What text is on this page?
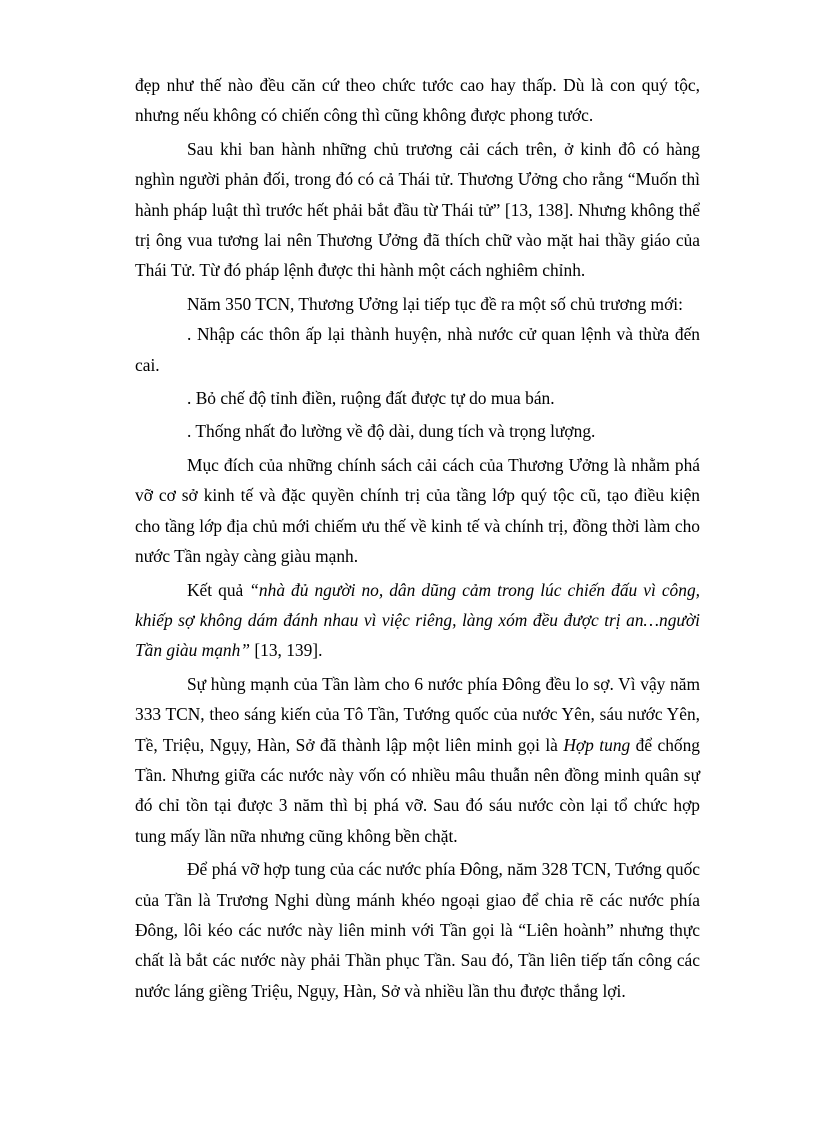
đẹp như thế nào đều căn cứ theo chức tước cao hay thấp. Dù là con quý tộc, nhưng nếu không có chiến công thì cũng không được phong tước.

Sau khi ban hành những chủ trương cải cách trên, ở kinh đô có hàng nghìn người phản đối, trong đó có cả Thái tử. Thương Ưởng cho rằng “Muốn thì hành pháp luật thì trước hết phải bắt đầu từ Thái tử” [13, 138]. Nhưng không thể trị ông vua tương lai nên Thương Ưởng đã thích chữ vào mặt hai thầy giáo của Thái Tử. Từ đó pháp lệnh được thi hành một cách nghiêm chỉnh.

Năm 350 TCN, Thương Ưởng lại tiếp tục đề ra một số chủ trương mới:

. Nhập các thôn ấp lại thành huyện, nhà nước cử quan lệnh và thừa đến cai.

. Bỏ chế độ tỉnh điền, ruộng đất được tự do mua bán.

. Thống nhất đo lường về độ dài, dung tích và trọng lượng.

Mục đích của những chính sách cải cách của Thương Ưởng là nhằm phá vỡ cơ sở kinh tế và đặc quyền chính trị của tầng lớp quý tộc cũ, tạo điều kiện cho tầng lớp địa chủ mới chiếm ưu thế về kinh tế và chính trị, đồng thời làm cho nước Tần ngày càng giàu mạnh.

Kết quả “nhà đủ người no, dân dũng cảm trong lúc chiến đấu vì công, khiếp sợ không dám đánh nhau vì việc riêng, làng xóm đều được trị an…người Tần giàu mạnh” [13, 139].

Sự hùng mạnh của Tần làm cho 6 nước phía Đông đều lo sợ. Vì vậy năm 333 TCN, theo sáng kiến của Tô Tần, Tướng quốc của nước Yên, sáu nước Yên, Tề, Triệu, Ngụy, Hàn, Sở đã thành lập một liên minh gọi là Hợp tung để chống Tần. Nhưng giữa các nước này vốn có nhiều mâu thuẫn nên đồng minh quân sự đó chỉ tồn tại được 3 năm thì bị phá vỡ. Sau đó sáu nước còn lại tổ chức hợp tung mấy lần nữa nhưng cũng không bền chặt.

Để phá vỡ hợp tung của các nước phía Đông, năm 328 TCN, Tướng quốc của Tần là Trương Nghi dùng mánh khéo ngoại giao để chia rẽ các nước phía Đông, lôi kéo các nước này liên minh với Tần gọi là “Liên hoành” nhưng thực chất là bắt các nước này phải Thần phục Tần. Sau đó, Tần liên tiếp tấn công các nước láng giềng Triệu, Ngụy, Hàn, Sở và nhiều lần thu được thắng lợi.
